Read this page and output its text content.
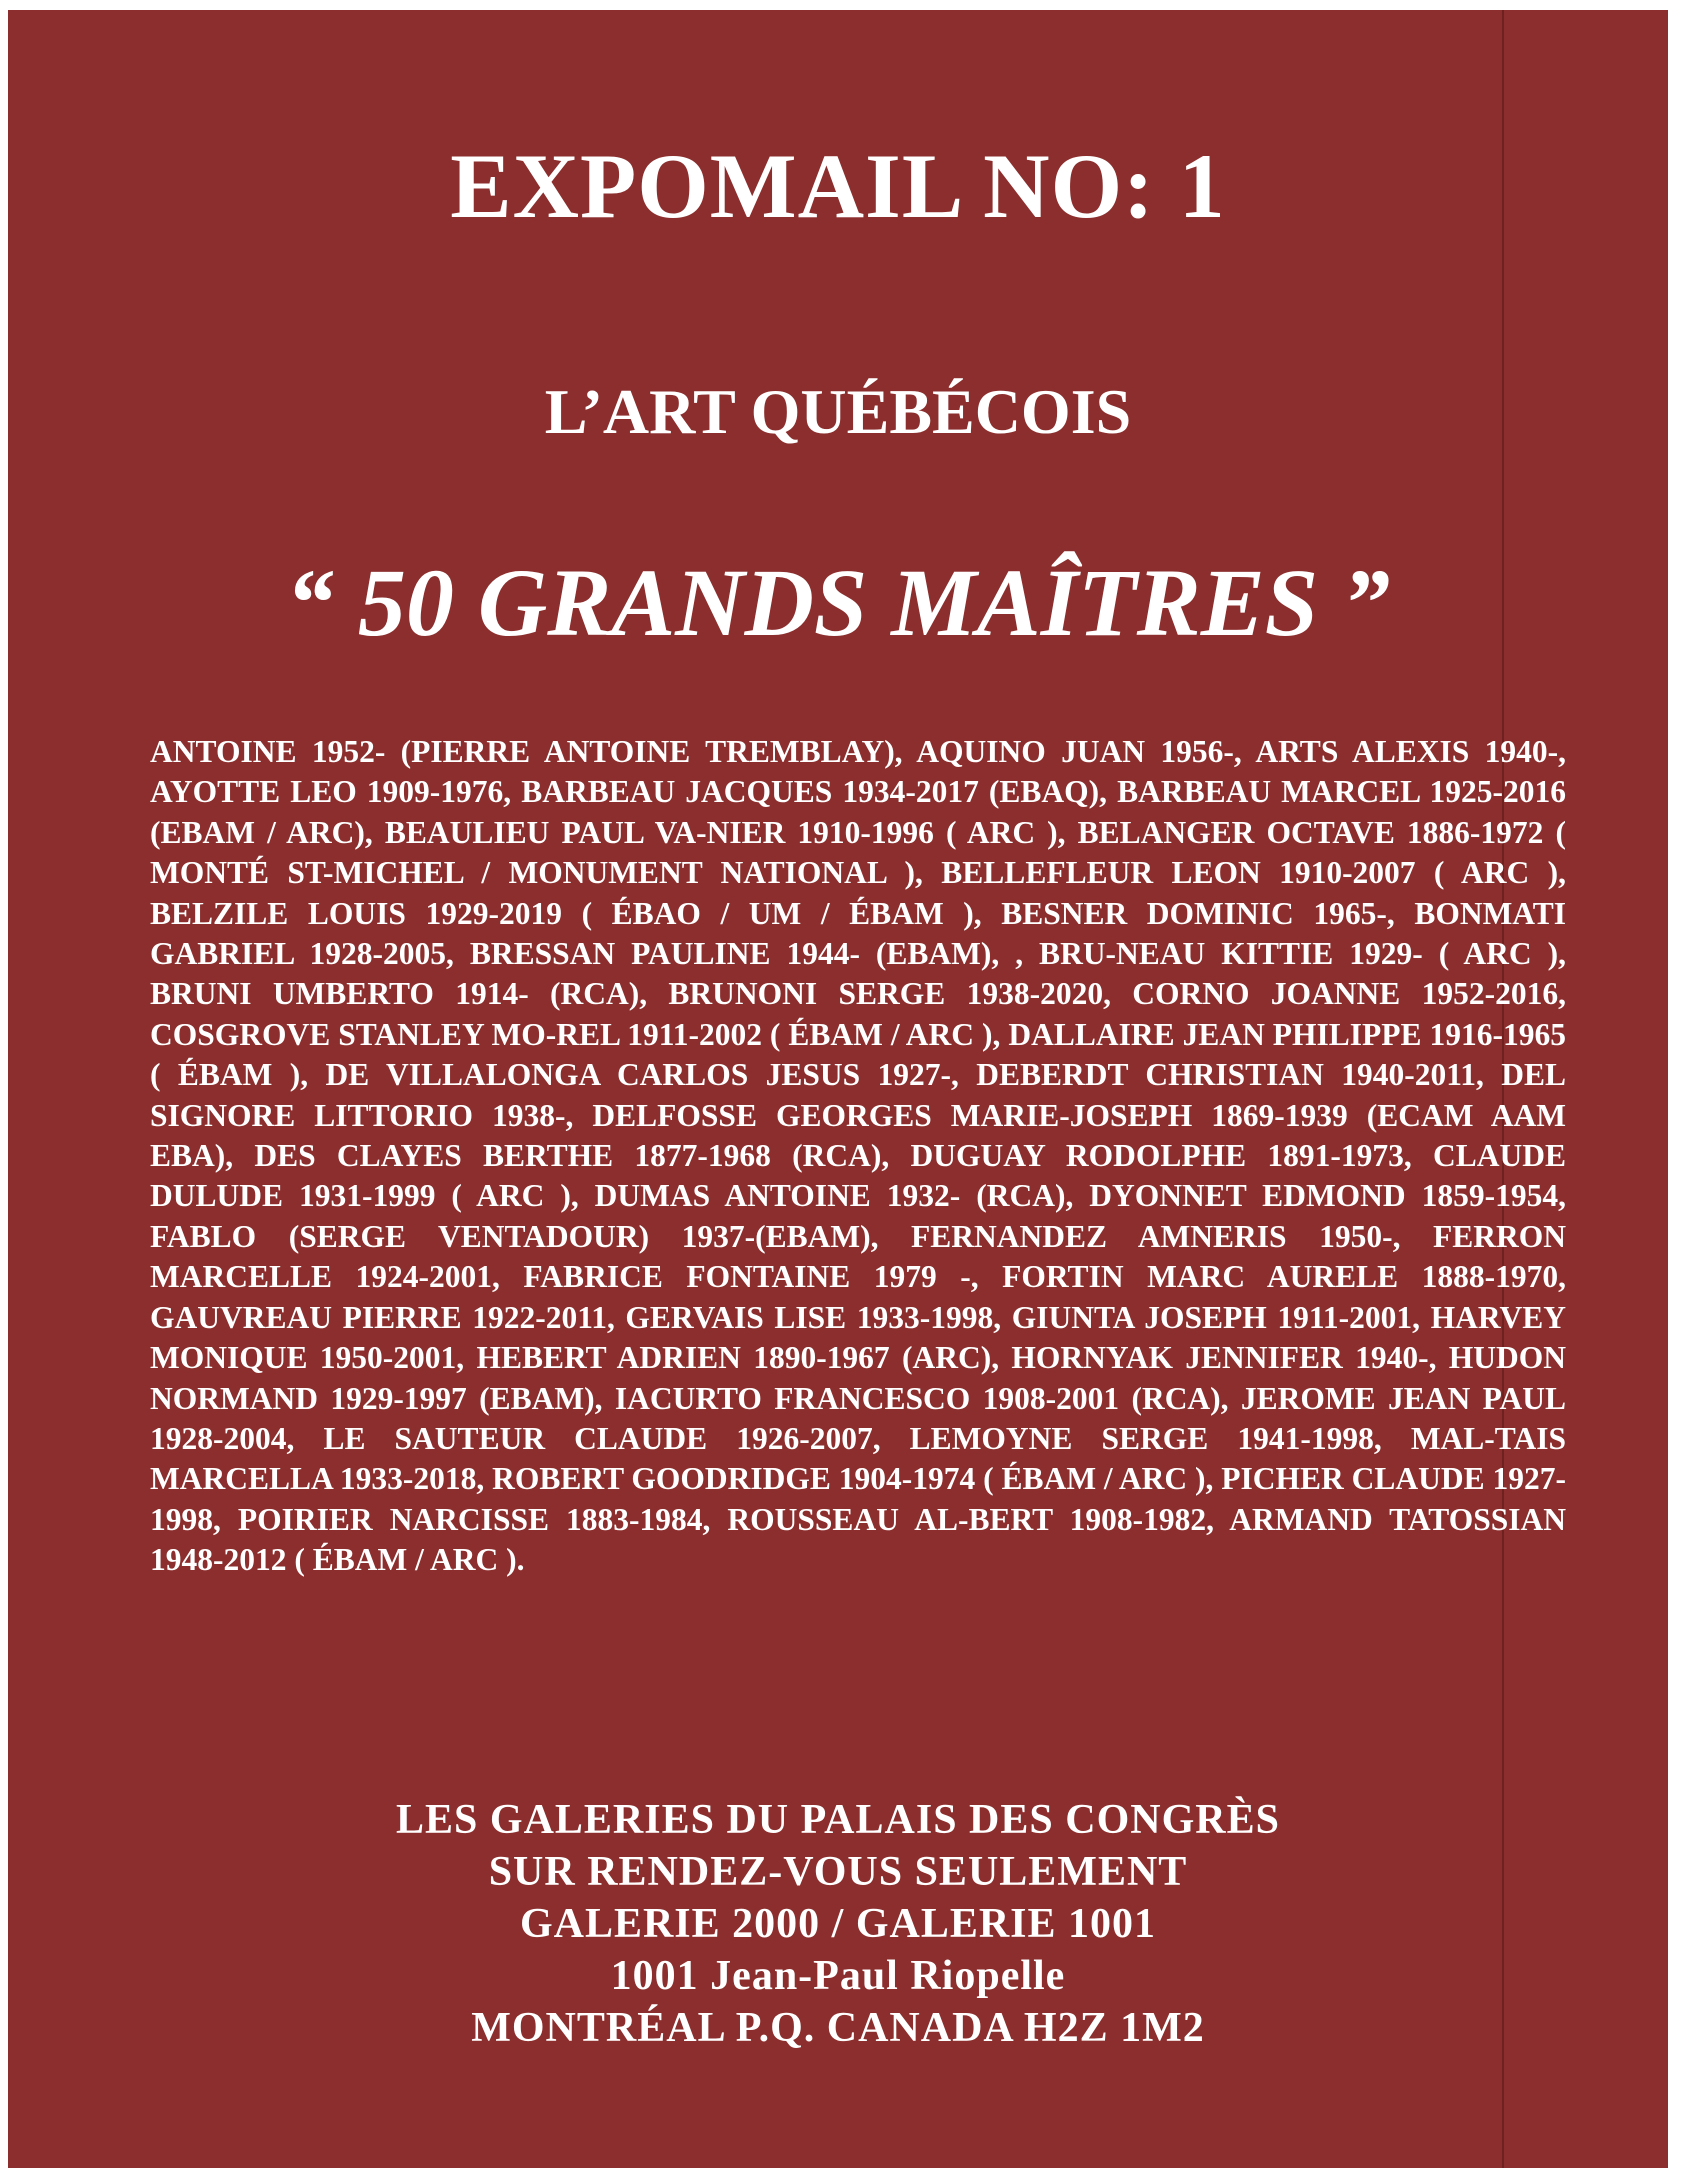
EXPOMAIL NO: 1
L’ART QUÉBÉCOIS
“ 50 GRANDS MAÎTRES ”

ANTOINE 1952- (PIERRE ANTOINE TREMBLAY), AQUINO JUAN 1956-, ARTS ALEXIS 1940-, AYOTTE LEO 1909-1976, BARBEAU JACQUES 1934-2017 (EBAQ), BARBEAU MARCEL 1925-2016 (EBAM / ARC), BEAULIEU PAUL VA-NIER 1910-1996 ( ARC ), BELANGER OCTAVE 1886-1972 ( MONTÉ ST-MICHEL / MONUMENT NATIONAL ), BELLEFLEUR LEON 1910-2007 ( ARC ), BELZILE LOUIS 1929-2019 ( ÉBAO / UM / ÉBAM ), BESNER DOMINIC 1965-, BONMATI GABRIEL 1928-2005, BRESSAN PAULINE 1944- (EBAM), , BRU-NEAU KITTIE 1929- ( ARC ), BRUNI UMBERTO 1914- (RCA), BRUNONI SERGE 1938-2020, CORNO JOANNE 1952-2016, COSGROVE STANLEY MO-REL 1911-2002 ( ÉBAM / ARC ), DALLAIRE JEAN PHILIPPE 1916-1965 ( ÉBAM ), DE VILLALONGA CARLOS JESUS 1927-, DEBERDT CHRISTIAN 1940-2011, DEL SIGNORE LITTORIO 1938-, DELFOSSE GEORGES MARIE-JOSEPH 1869-1939 (ECAM AAM EBA), DES CLAYES BERTHE 1877-1968 (RCA), DUGUAY RODOLPHE 1891-1973, CLAUDE DULUDE 1931-1999 ( ARC ), DUMAS ANTOINE 1932- (RCA), DYONNET EDMOND 1859-1954, FABLO (SERGE VENTADOUR) 1937-(EBAM), FERNANDEZ AMNERIS 1950-, FERRON MARCELLE 1924-2001, FABRICE FONTAINE 1979 -, FORTIN MARC AURELE 1888-1970, GAUVREAU PIERRE 1922-2011, GERVAIS LISE 1933-1998, GIUNTA JOSEPH 1911-2001, HARVEY MONIQUE 1950-2001, HEBERT ADRIEN 1890-1967 (ARC), HORNYAK JENNIFER 1940-, HUDON NORMAND 1929-1997 (EBAM), IACURTO FRANCESCO 1908-2001 (RCA), JEROME JEAN PAUL 1928-2004, LE SAUTEUR CLAUDE 1926-2007, LEMOYNE SERGE 1941-1998, MAL-TAIS MARCELLA 1933-2018, ROBERT GOODRIDGE 1904-1974 ( ÉBAM / ARC ), PICHER CLAUDE 1927-1998, POIRIER NARCISSE 1883-1984, ROUSSEAU AL-BERT 1908-1982, ARMAND TATOSSIAN 1948-2012 ( ÉBAM / ARC ).

LES GALERIES DU PALAIS DES CONGRÈS
SUR RENDEZ-VOUS SEULEMENT
GALERIE 2000 / GALERIE 1001
1001 Jean-Paul Riopelle
MONTRÉAL P.Q. CANADA H2Z 1M2
